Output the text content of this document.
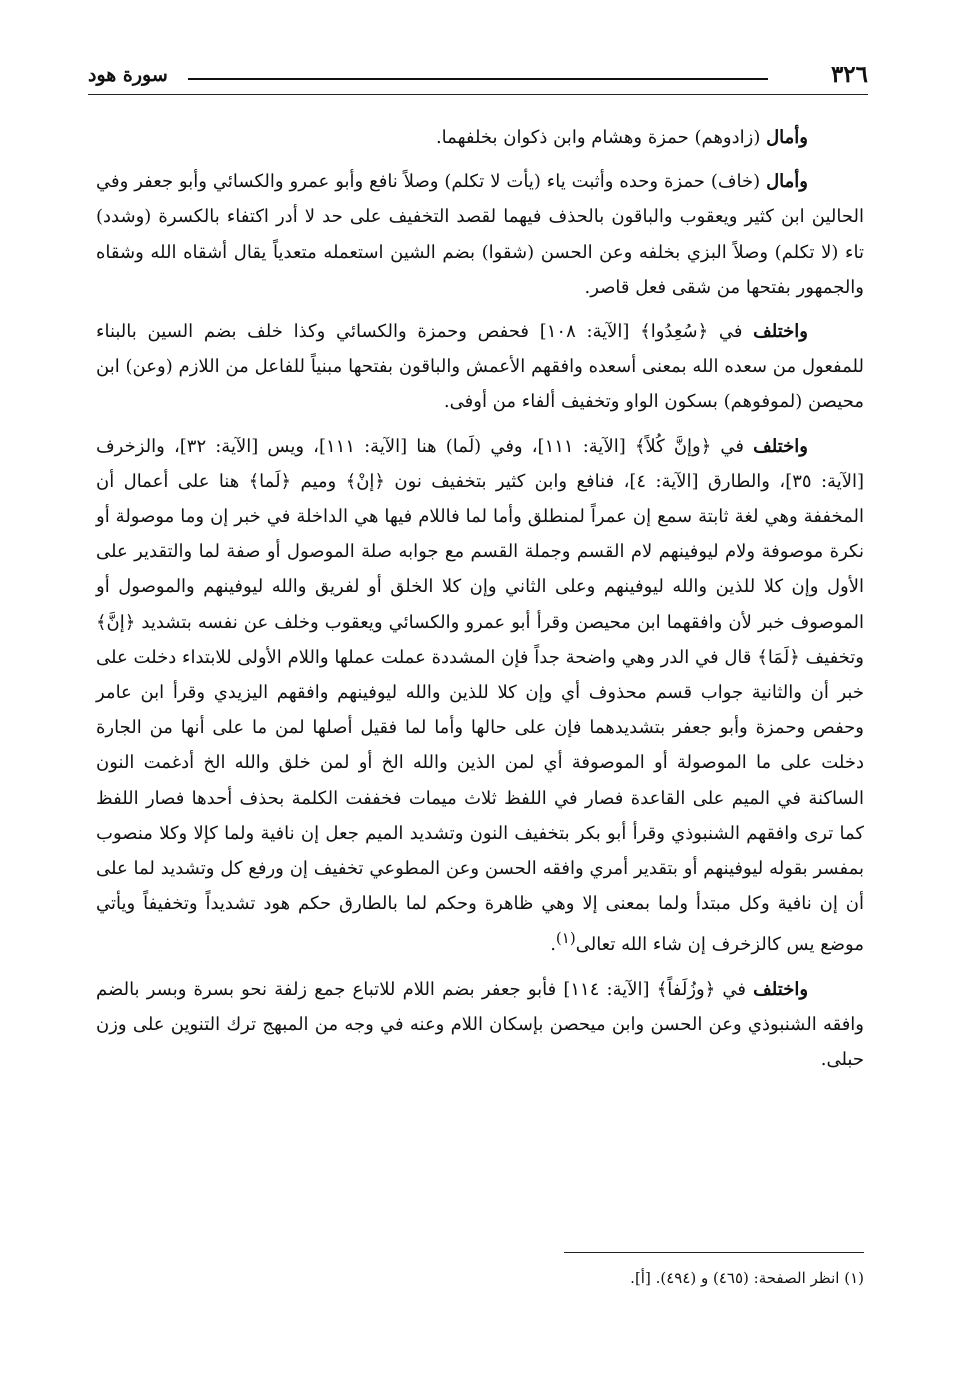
٣٢٦
سورة هود

وأمال (زادوهم) حمزة وهشام وابن ذكوان بخلفهما.

وأمال (خاف) حمزة وحده وأثبت ياء (يأت لا تكلم) وصلاً نافع وأبو عمرو والكسائي وأبو جعفر وفي الحالين ابن كثير ويعقوب والباقون بالحذف فيهما لقصد التخفيف على حد لا أدر اكتفاء بالكسرة (وشدد) تاء (لا تكلم) وصلاً البزي بخلفه وعن الحسن (شقوا) بضم الشين استعمله متعدياً يقال أشقاه الله وشقاه والجمهور بفتحها من شقى فعل قاصر.

واختلف في ﴿سُعِدُوا﴾ [الآية: ١٠٨] فحفص وحمزة والكسائي وكذا خلف بضم السين بالبناء للمفعول من سعده الله بمعنى أسعده وافقهم الأعمش والباقون بفتحها مبنياً للفاعل من اللازم (وعن) ابن محيصن (لموفوهم) بسكون الواو وتخفيف ألفاء من أوفى.

واختلف في ﴿وإنَّ كُلاً﴾ [الآية: ١١١]، وفي (لَما) هنا [الآية: ١١١]، ويس [الآية: ٣٢]، والزخرف [الآية: ٣٥]، والطارق [الآية: ٤]، فنافع وابن كثير بتخفيف نون ﴿إنْ﴾ وميم ﴿لَما﴾ هنا على أعمال أن المخففة وهي لغة ثابتة سمع إن عمراً لمنطلق وأما لما فاللام فيها هي الداخلة في خبر إن وما موصولة أو نكرة موصوفة ولام ليوفينهم لام القسم وجملة القسم مع جوابه صلة الموصول أو صفة لما والتقدير على الأول وإن كلا للذين والله ليوفينهم وعلى الثاني وإن كلا الخلق أو لفريق والله ليوفينهم والموصول أو الموصوف خبر لأن وافقهما ابن محيصن وقرأ أبو عمرو والكسائي ويعقوب وخلف عن نفسه بتشديد ﴿إنَّ﴾ وتخفيف ﴿لَمَا﴾ قال في الدر وهي واضحة جداً فإن المشددة عملت عملها واللام الأولى للابتداء دخلت على خبر أن والثانية جواب قسم محذوف أي وإن كلا للذين والله ليوفينهم وافقهم اليزيدي وقرأ ابن عامر وحفص وحمزة وأبو جعفر بتشديدهما فإن على حالها وأما لما فقيل أصلها لمن ما على أنها من الجارة دخلت على ما الموصولة أو الموصوفة أي لمن الذين والله الخ أو لمن خلق والله الخ أدغمت النون الساكنة في الميم على القاعدة فصار في اللفظ ثلاث ميمات فخففت الكلمة بحذف أحدها فصار اللفظ كما ترى وافقهم الشنبوذي وقرأ أبو بكر بتخفيف النون وتشديد الميم جعل إن نافية ولما كإلا وكلا منصوب بمفسر بقوله ليوفينهم أو بتقدير أمري وافقه الحسن وعن المطوعي تخفيف إن ورفع كل وتشديد لما على أن إن نافية وكل مبتدأ ولما بمعنى إلا وهي ظاهرة وحكم لما بالطارق حكم هود تشديداً وتخفيفاً ويأتي موضع يس كالزخرف إن شاء الله تعالى$^{(١)}$.

واختلف في ﴿وزُلَفاً﴾ [الآية: ١١٤] فأبو جعفر بضم اللام للاتباع جمع زلفة نحو بسرة وبسر بالضم وافقه الشنبوذي وعن الحسن وابن ميحصن بإسكان اللام وعنه في وجه من المبهج ترك التنوين على وزن حبلى.

(١) انظر الصفحة: (٤٦٥) و (٤٩٤). [أ].
